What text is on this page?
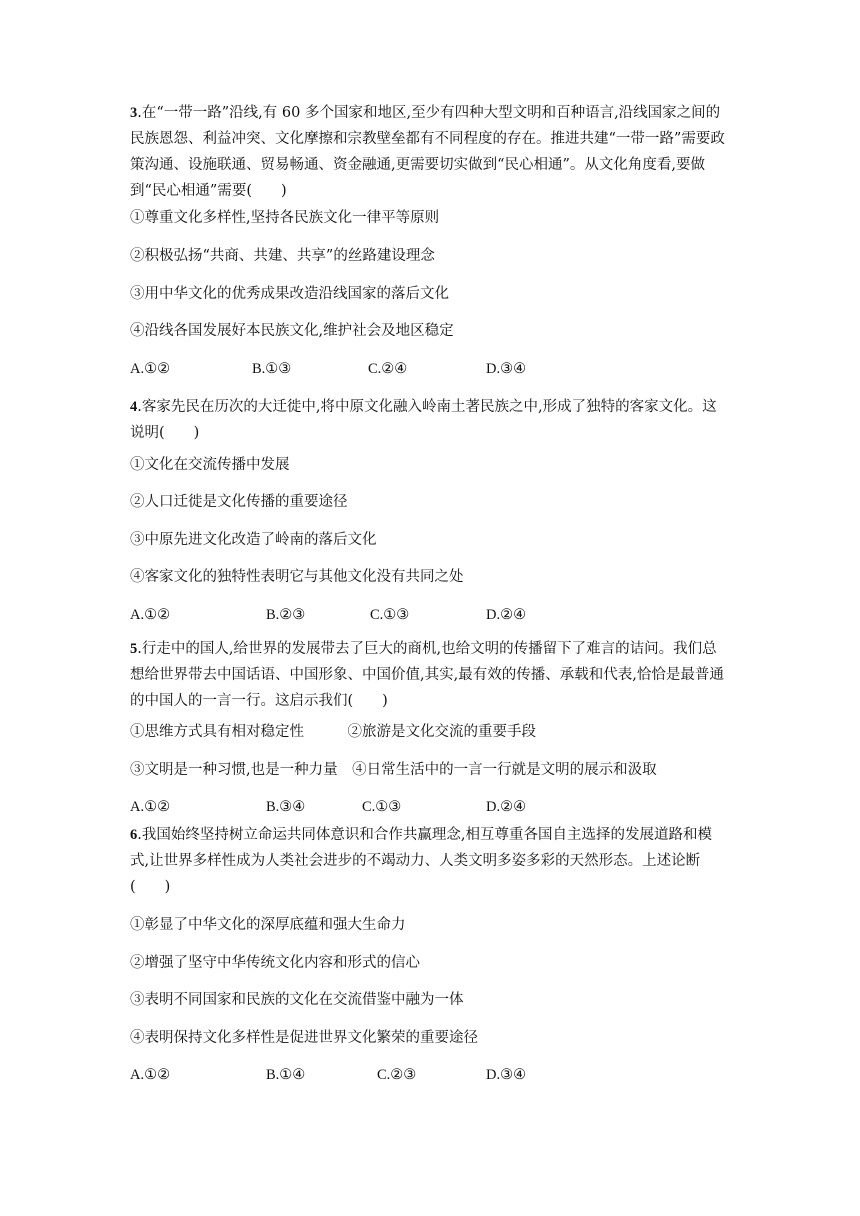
3.在“一带一路”沿线,有 60 多个国家和地区,至少有四种大型文明和百种语言,沿线国家之间的民族恩怨、利益冲突、文化摩擦和宗教壁垒都有不同程度的存在。推进共建“一带一路”需要政策沟通、设施联通、贸易畅通、资金融通,更需要切实做到“民心相通”。从文化角度看,要做到“民心相通”需要(　　)

①尊重文化多样性,坚持各民族文化一律平等原则
②积极弘扬“共商、共建、共享”的丝路建设理念
③用中华文化的优秀成果改造沿线国家的落后文化
④沿线各国发展好本民族文化,维护社会及地区稳定
A.①②	B.①③	C.②④	D.③④

4.客家先民在历次的大迁徙中,将中原文化融入岭南土著民族之中,形成了独特的客家文化。这说明(　　)

①文化在交流传播中发展
②人口迁徙是文化传播的重要途径
③中原先进文化改造了岭南的落后文化
④客家文化的独特性表明它与其他文化没有共同之处
A.①②	B.②③	C.①③	D.②④

5.行走中的国人,给世界的发展带去了巨大的商机,也给文明的传播留下了难言的诘问。我们总想给世界带去中国话语、中国形象、中国价值,其实,最有效的传播、承载和代表,恰恰是最普通的中国人的一言一行。这启示我们(　　)

①思维方式具有相对稳定性　　　②旅游是文化交流的重要手段
③文明是一种习惯,也是一种力量　④日常生活中的一言一行就是文明的展示和汲取
A.①②	B.③④	C.①③	D.②④

6.我国始终坚持树立命运共同体意识和合作共赢理念,相互尊重各国自主选择的发展道路和模式,让世界多样性成为人类社会进步的不竭动力、人类文明多姿多彩的天然形态。上述论断(　　)

①彰显了中华文化的深厚底蕴和强大生命力
②增强了坚守中华传统文化内容和形式的信心
③表明不同国家和民族的文化在交流借鉴中融为一体
④表明保持文化多样性是促进世界文化繁荣的重要途径
A.①②	B.①④	C.②③	D.③④
